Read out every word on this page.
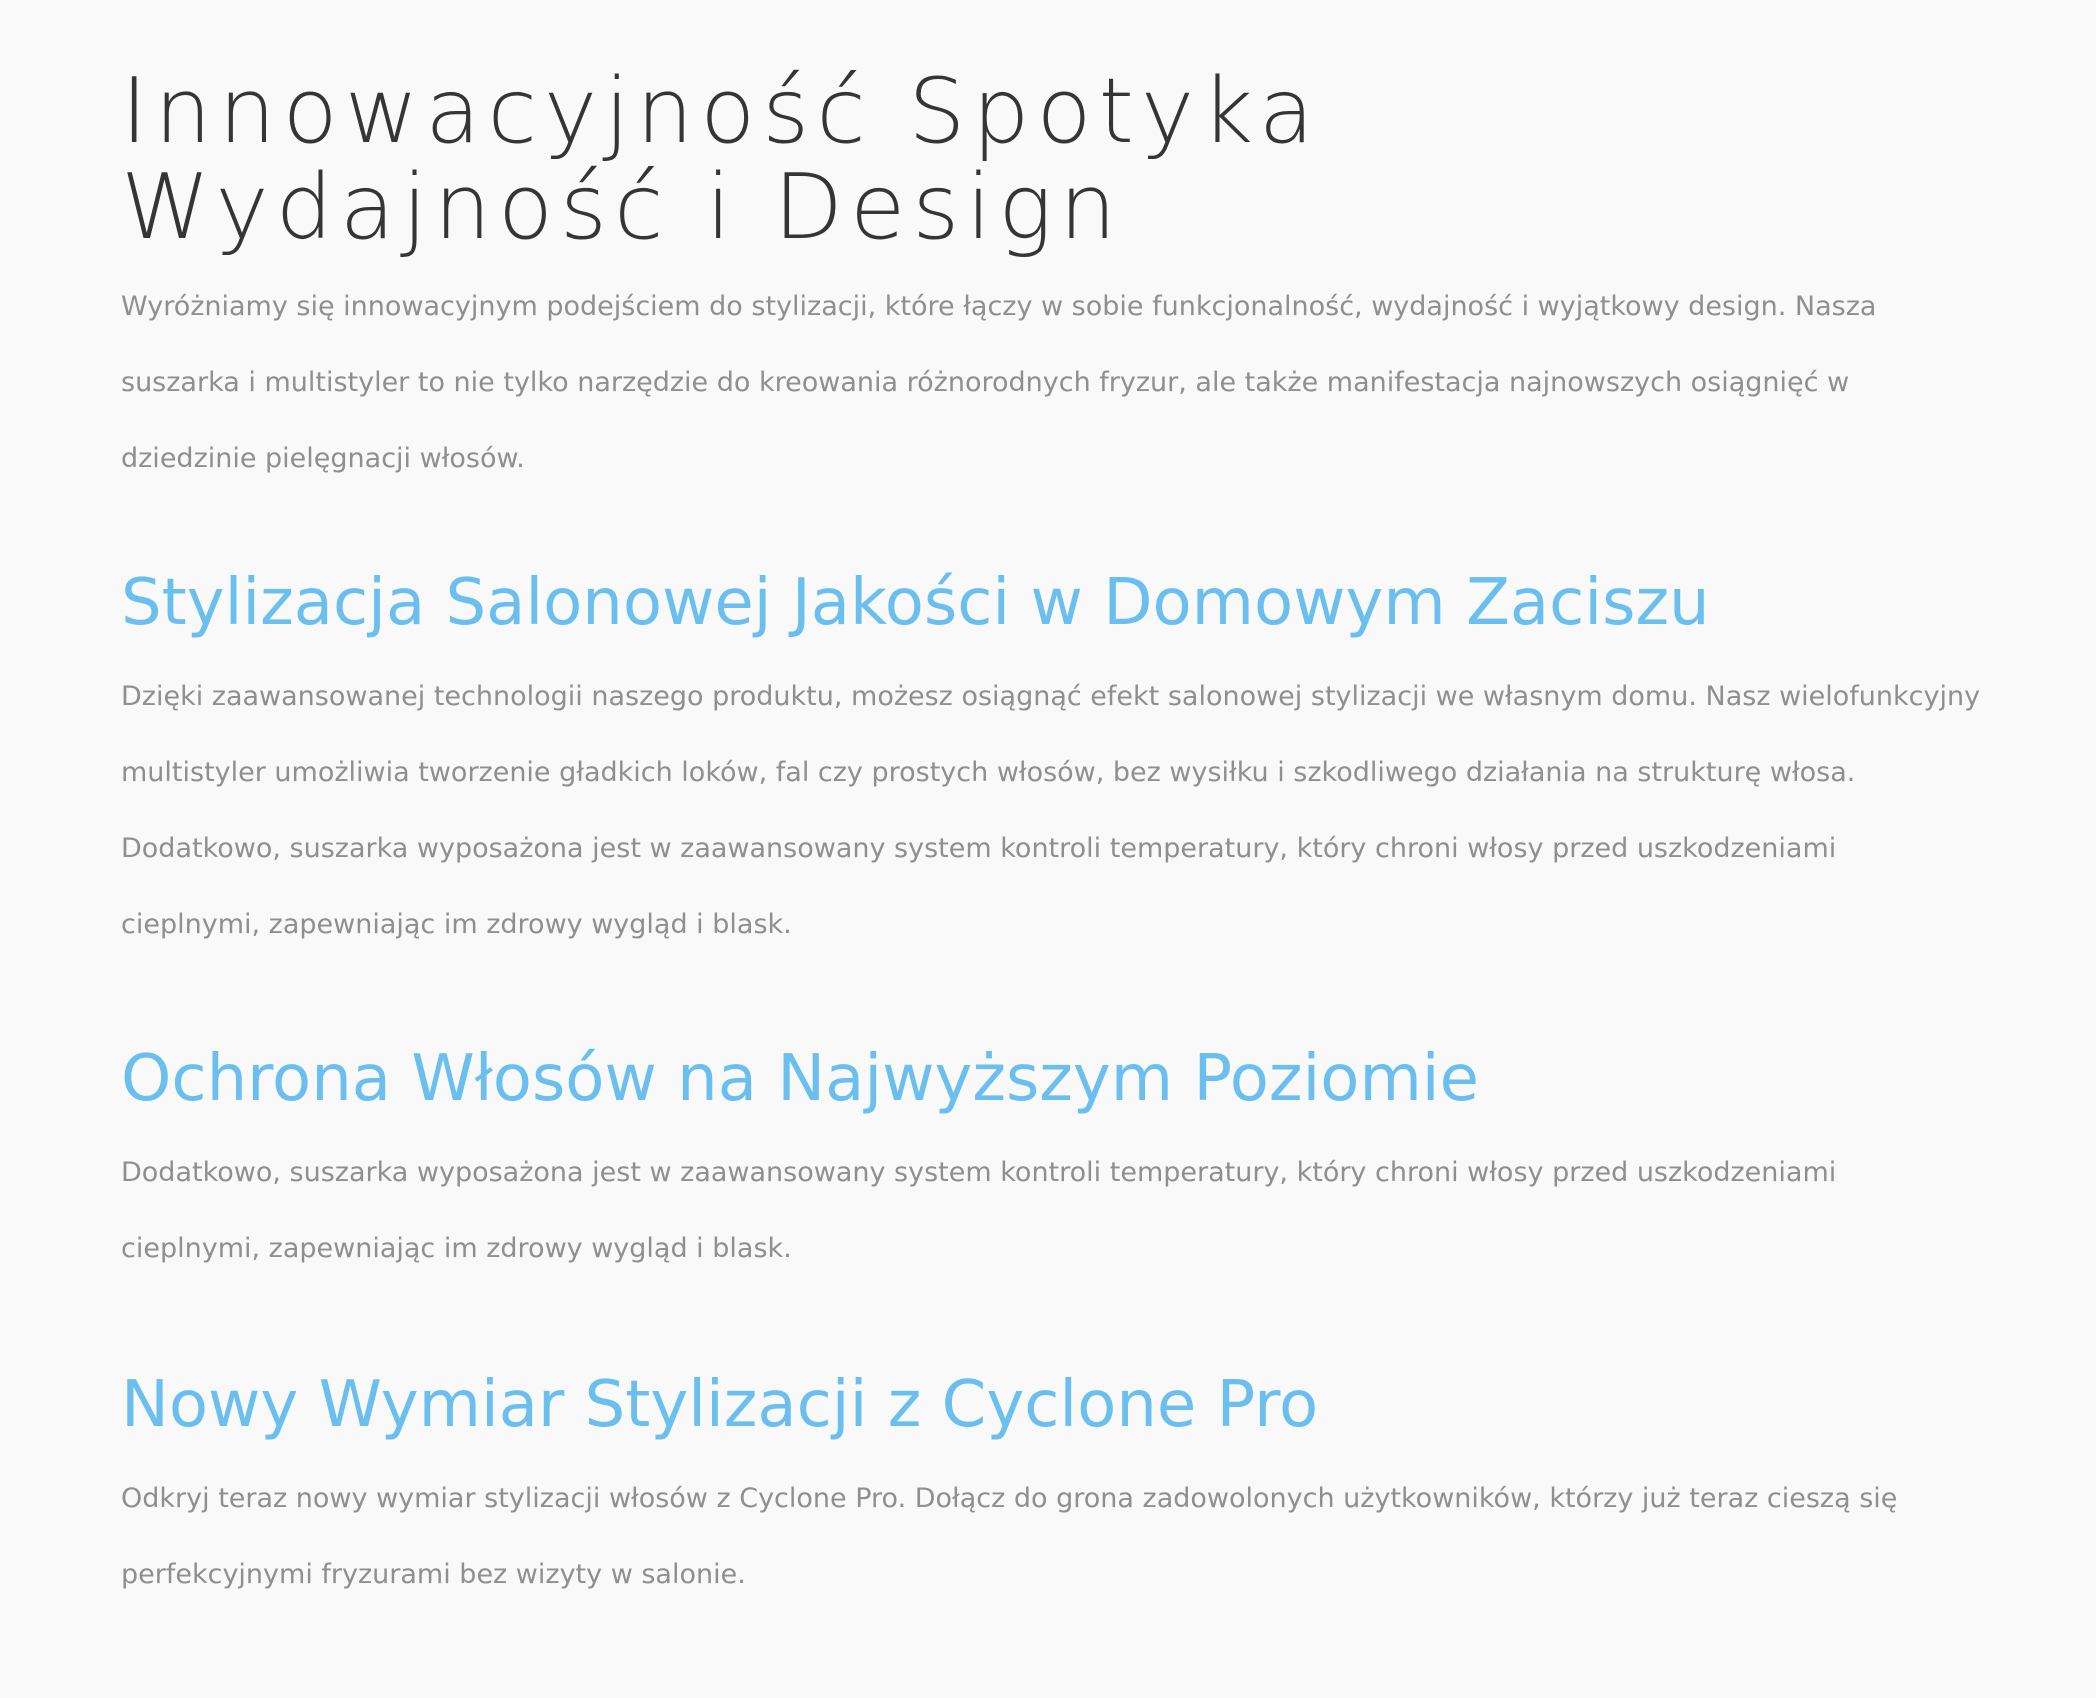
Innowacyjność Spotyka
Wydajność i Design

Wyróżniamy się innowacyjnym podejściem do stylizacji, które łączy w sobie funkcjonalność, wydajność i wyjątkowy design. Nasza suszarka i multistyler to nie tylko narzędzie do kreowania różnorodnych fryzur, ale także manifestacja najnowszych osiągnięć w dziedzinie pielęgnacji włosów.

Stylizacja Salonowej Jakości w Domowym Zaciszu

Dzięki zaawansowanej technologii naszego produktu, możesz osiągnąć efekt salonowej stylizacji we własnym domu. Nasz wielofunkcyjny multistyler umożliwia tworzenie gładkich loków, fal czy prostych włosów, bez wysiłku i szkodliwego działania na strukturę włosa. Dodatkowo, suszarka wyposażona jest w zaawansowany system kontroli temperatury, który chroni włosy przed uszkodzeniami cieplnymi, zapewniając im zdrowy wygląd i blask.

Ochrona Włosów na Najwyższym Poziomie

Dodatkowo, suszarka wyposażona jest w zaawansowany system kontroli temperatury, który chroni włosy przed uszkodzeniami cieplnymi, zapewniając im zdrowy wygląd i blask.

Nowy Wymiar Stylizacji z Cyclone Pro

Odkryj teraz nowy wymiar stylizacji włosów z Cyclone Pro. Dołącz do grona zadowolonych użytkowników, którzy już teraz cieszą się perfekcyjnymi fryzurami bez wizyty w salonie.
